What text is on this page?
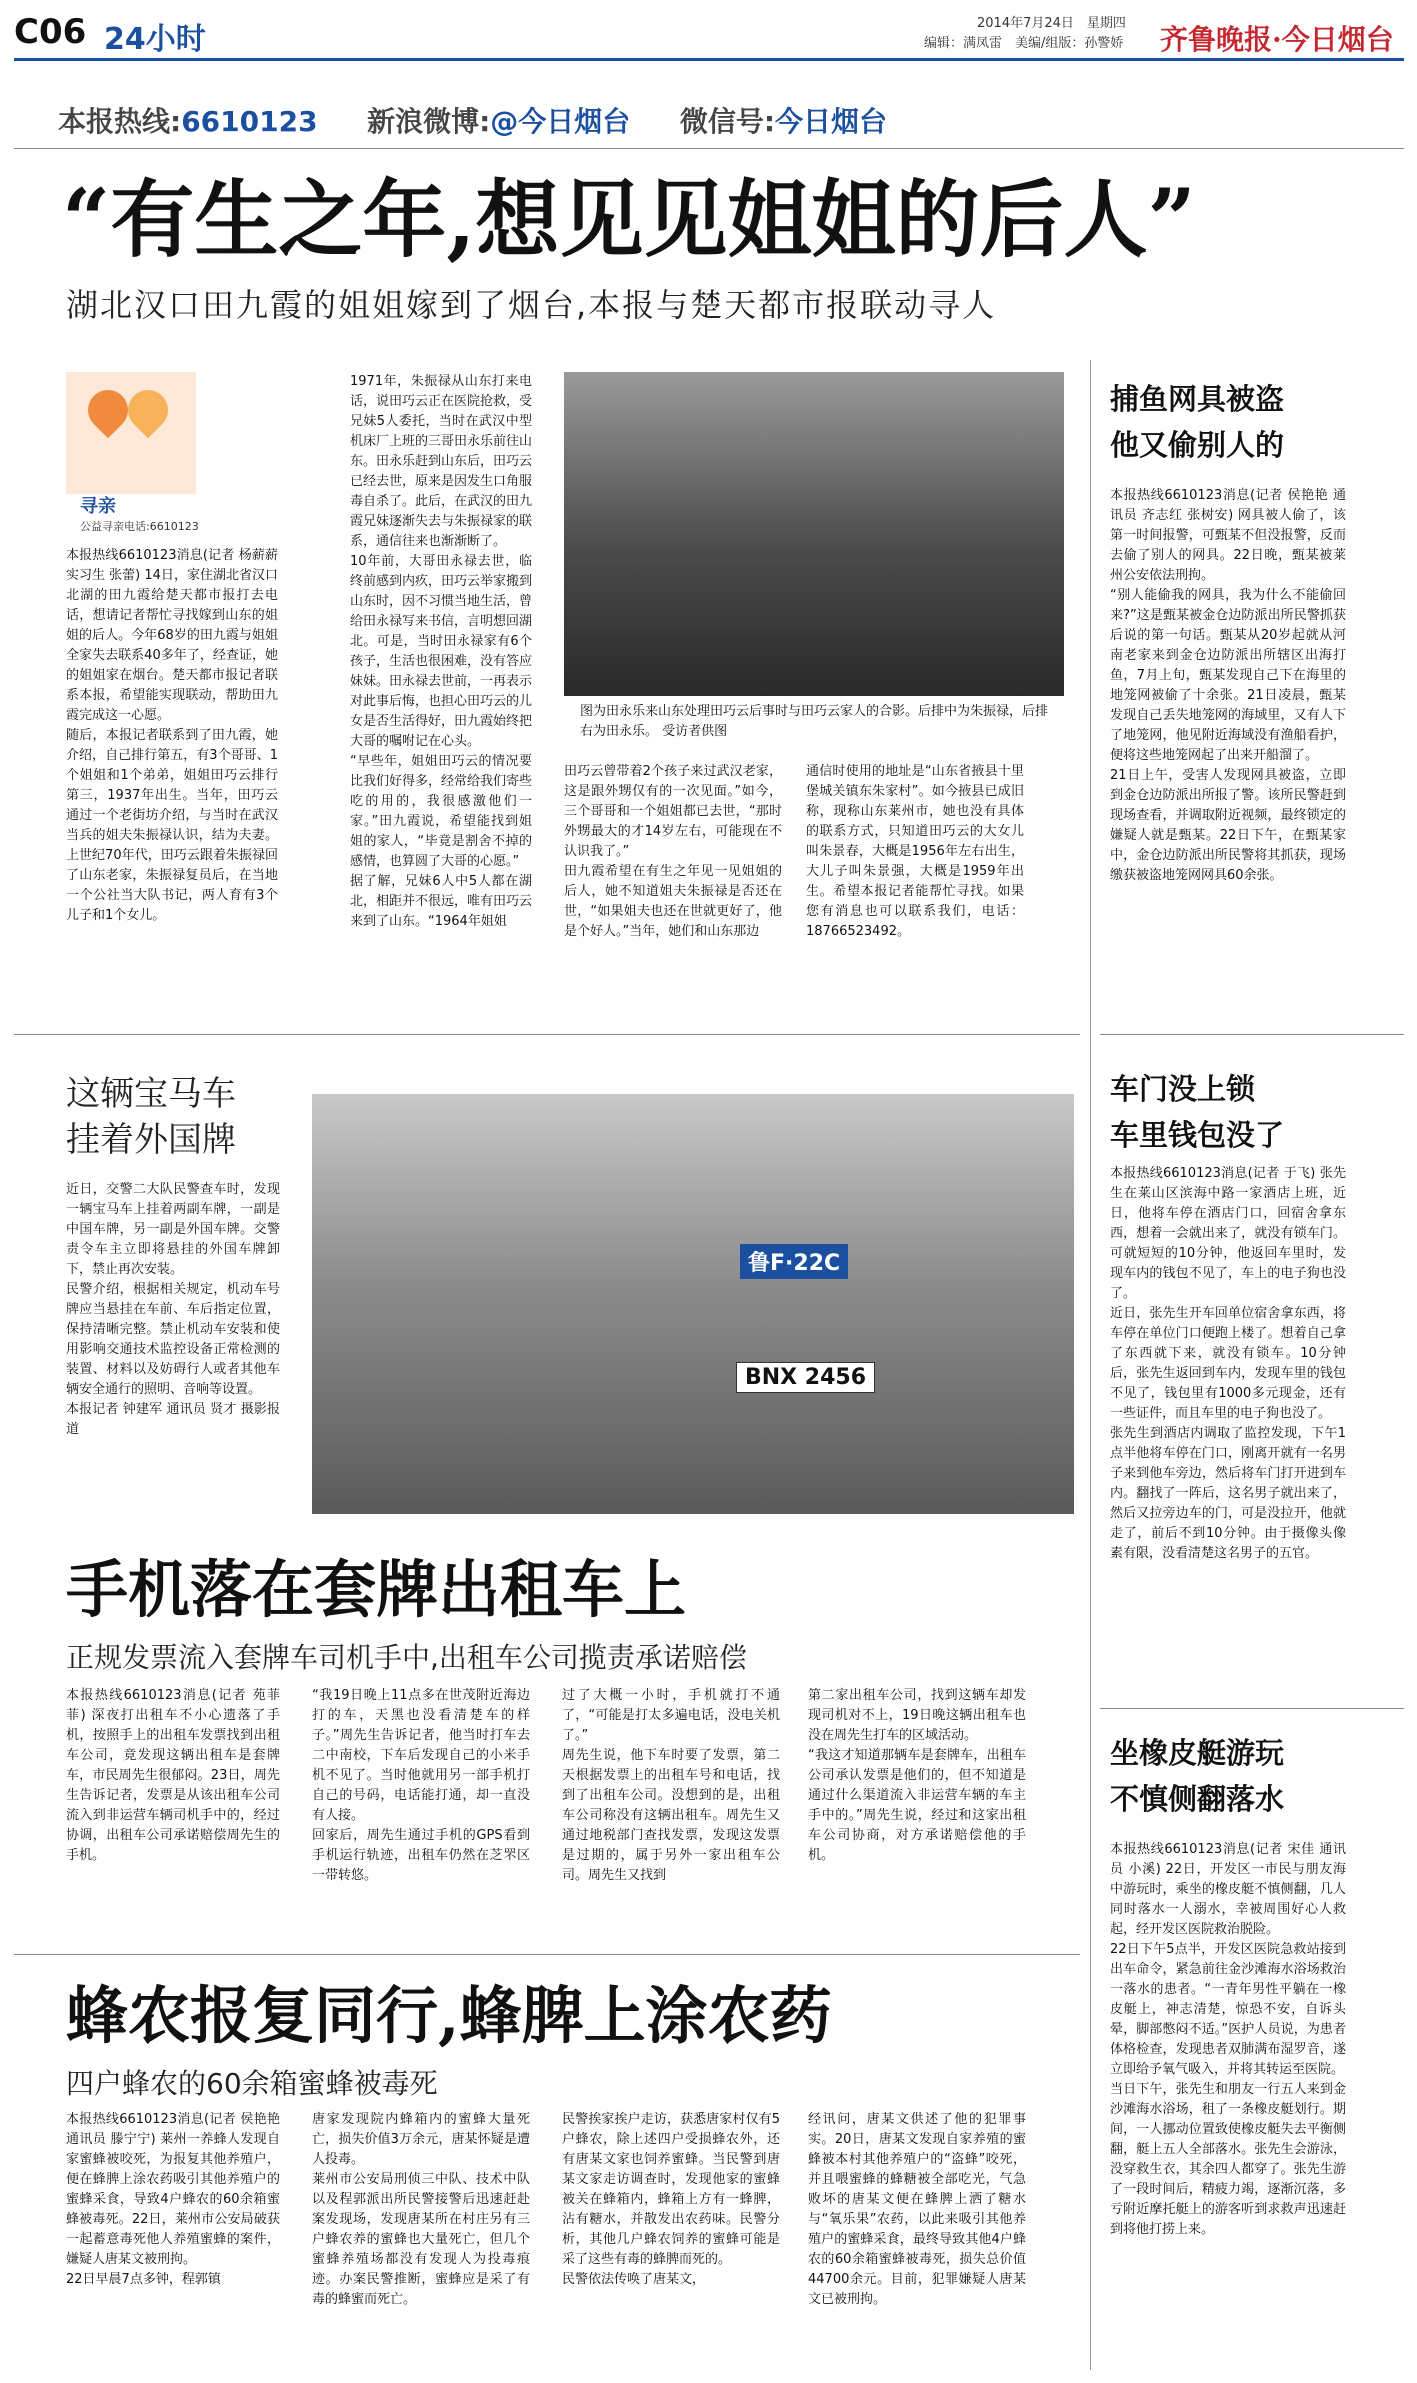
C06 24小时	2014年7月24日　星期四
编辑：满凤雷　美编/组版：孙警娇 齐鲁晚报·今日烟台
本报热线:6610123 新浪微博:@今日烟台 微信号:今日烟台
“有生之年,想见见姐姐的后人”
湖北汉口田九霞的姐姐嫁到了烟台,本报与楚天都市报联动寻人
寻亲
公益寻亲电话:6610123
本报热线6610123消息(记者 杨薪薪 实习生 张蕾) 14日，家住湖北省汉口北湖的田九霞给楚天都市报打去电话，想请记者帮忙寻找嫁到山东的姐姐的后人。今年68岁的田九霞与姐姐全家失去联系40多年了，经查证，她的姐姐家在烟台。楚天都市报记者联系本报，希望能实现联动，帮助田九霞完成这一心愿。
随后，本报记者联系到了田九霞，她介绍，自己排行第五，有3个哥哥、1个姐姐和1个弟弟，姐姐田巧云排行第三，1937年出生。当年，田巧云通过一个老街坊介绍，与当时在武汉当兵的姐夫朱振禄认识，结为夫妻。上世纪70年代，田巧云跟着朱振禄回了山东老家，朱振禄复员后，在当地一个公社当大队书记，两人育有3个儿子和1个女儿。
1971年，朱振禄从山东打来电话，说田巧云正在医院抢救，受兄妹5人委托，当时在武汉中型机床厂上班的三哥田永乐前往山东。田永乐赶到山东后，田巧云已经去世，原来是因发生口角服毒自杀了。此后，在武汉的田九霞兄妹逐渐失去与朱振禄家的联系，通信往来也渐渐断了。
10年前，大哥田永禄去世，临终前感到内疚，田巧云举家搬到山东时，因不习惯当地生活，曾给田永禄写来书信，言明想回湖北。可是，当时田永禄家有6个孩子，生活也很困难，没有答应妹妹。田永禄去世前，一再表示对此事后悔，也担心田巧云的儿女是否生活得好，田九霞始终把大哥的嘱咐记在心头。
“早些年，姐姐田巧云的情况要比我们好得多，经常给我们寄些吃的用的，我很感激他们一家。”田九霞说，希望能找到姐姐的家人，“毕竟是割舍不掉的感情，也算圆了大哥的心愿。”
据了解，兄妹6人中5人都在湖北，相距并不很远，唯有田巧云来到了山东。“1964年姐姐
图为田永乐来山东处理田巧云后事时与田巧云家人的合影。后排中为朱振禄，后排右为田永乐。 受访者供图
田巧云曾带着2个孩子来过武汉老家，这是跟外甥仅有的一次见面。”如今，三个哥哥和一个姐姐都已去世，“那时外甥最大的才14岁左右，可能现在不认识我了。”
田九霞希望在有生之年见一见姐姐的后人，她不知道姐夫朱振禄是否还在世，“如果姐夫也还在世就更好了，他是个好人。”当年，她们和山东那边
通信时使用的地址是“山东省掖县十里堡城关镇东朱家村”。如今掖县已成旧称，现称山东莱州市，她也没有具体的联系方式，只知道田巧云的大女儿叫朱景春，大概是1956年左右出生，大儿子叫朱景强，大概是1959年出生。希望本报记者能帮忙寻找。如果您有消息也可以联系我们，电话：18766523492。
这辆宝马车
挂着外国牌
近日，交警二大队民警查车时，发现一辆宝马车上挂着两副车牌，一副是中国车牌，另一副是外国车牌。交警责令车主立即将悬挂的外国车牌卸下，禁止再次安装。
民警介绍，根据相关规定，机动车号牌应当悬挂在车前、车后指定位置，保持清晰完整。禁止机动车安装和使用影响交通技术监控设备正常检测的装置、材料以及妨碍行人或者其他车辆安全通行的照明、音响等设置。
本报记者 钟建军 通讯员 贤才 摄影报道
鲁F·22C
BNX 2456
手机落在套牌出租车上
正规发票流入套牌车司机手中,出租车公司揽责承诺赔偿
本报热线6610123消息(记者 苑菲菲) 深夜打出租车不小心遗落了手机，按照手上的出租车发票找到出租车公司，竟发现这辆出租车是套牌车，市民周先生很郁闷。23日，周先生告诉记者，发票是从该出租车公司流入到非运营车辆司机手中的，经过协调，出租车公司承诺赔偿周先生的手机。
“我19日晚上11点多在世茂附近海边打的车，天黑也没看清楚车的样子。”周先生告诉记者，他当时打车去二中南校，下车后发现自己的小米手机不见了。当时他就用另一部手机打自己的号码，电话能打通，却一直没有人接。
回家后，周先生通过手机的GPS看到手机运行轨迹，出租车仍然在芝罘区一带转悠。
过了大概一小时，手机就打不通了，“可能是打太多遍电话，没电关机了。”
周先生说，他下车时要了发票，第二天根据发票上的出租车号和电话，找到了出租车公司。没想到的是，出租车公司称没有这辆出租车。周先生又通过地税部门查找发票，发现这发票是过期的，属于另外一家出租车公司。周先生又找到
第二家出租车公司，找到这辆车却发现司机对不上，19日晚这辆出租车也没在周先生打车的区域活动。
“我这才知道那辆车是套牌车，出租车公司承认发票是他们的，但不知道是通过什么渠道流入非运营车辆的车主手中的。”周先生说，经过和这家出租车公司协商，对方承诺赔偿他的手机。
蜂农报复同行,蜂脾上涂农药
四户蜂农的60余箱蜜蜂被毒死
本报热线6610123消息(记者 侯艳艳 通讯员 滕宁宁) 莱州一养蜂人发现自家蜜蜂被咬死，为报复其他养殖户，便在蜂脾上涂农药吸引其他养殖户的蜜蜂采食，导致4户蜂农的60余箱蜜蜂被毒死。22日，莱州市公安局破获一起蓄意毒死他人养殖蜜蜂的案件，嫌疑人唐某文被刑拘。
22日早晨7点多钟，程郭镇
唐家发现院内蜂箱内的蜜蜂大量死亡，损失价值3万余元，唐某怀疑是遭人投毒。
莱州市公安局刑侦三中队、技术中队以及程郭派出所民警接警后迅速赶赴案发现场，发现唐某所在村庄另有三户蜂农养的蜜蜂也大量死亡，但几个蜜蜂养殖场都没有发现人为投毒痕迹。办案民警推断，蜜蜂应是采了有毒的蜂蜜而死亡。
民警挨家挨户走访，获悉唐家村仅有5户蜂农，除上述四户受损蜂农外，还有唐某文家也饲养蜜蜂。当民警到唐某文家走访调查时，发现他家的蜜蜂被关在蜂箱内，蜂箱上方有一蜂脾，沾有糖水，并散发出农药味。民警分析，其他几户蜂农饲养的蜜蜂可能是采了这些有毒的蜂脾而死的。
民警依法传唤了唐某文，
经讯问，唐某文供述了他的犯罪事实。20日，唐某文发现自家养殖的蜜蜂被本村其他养殖户的“盗蜂”咬死，并且喂蜜蜂的蜂糖被全部吃光，气急败坏的唐某文便在蜂脾上洒了糖水与“氧乐果”农药，以此来吸引其他养殖户的蜜蜂采食，最终导致其他4户蜂农的60余箱蜜蜂被毒死，损失总价值44700余元。目前，犯罪嫌疑人唐某文已被刑拘。
捕鱼网具被盗
他又偷别人的
本报热线6610123消息(记者 侯艳艳 通讯员 齐志红 张树安) 网具被人偷了，该第一时间报警，可甄某不但没报警，反而去偷了别人的网具。22日晚，甄某被莱州公安依法刑拘。
“别人能偷我的网具，我为什么不能偷回来?”这是甄某被金仓边防派出所民警抓获后说的第一句话。甄某从20岁起就从河南老家来到金仓边防派出所辖区出海打鱼，7月上旬，甄某发现自己下在海里的地笼网被偷了十余张。21日凌晨，甄某发现自己丢失地笼网的海域里，又有人下了地笼网，他见附近海域没有渔船看护，便将这些地笼网起了出来开船溜了。
21日上午，受害人发现网具被盗，立即到金仓边防派出所报了警。该所民警赶到现场查看，并调取附近视频，最终锁定的嫌疑人就是甄某。22日下午，在甄某家中，金仓边防派出所民警将其抓获，现场缴获被盗地笼网网具60余张。
车门没上锁
车里钱包没了
本报热线6610123消息(记者 于飞) 张先生在莱山区滨海中路一家酒店上班，近日，他将车停在酒店门口，回宿舍拿东西，想着一会就出来了，就没有锁车门。可就短短的10分钟，他返回车里时，发现车内的钱包不见了，车上的电子狗也没了。
近日，张先生开车回单位宿舍拿东西，将车停在单位门口便跑上楼了。想着自己拿了东西就下来，就没有锁车。10分钟后，张先生返回到车内，发现车里的钱包不见了，钱包里有1000多元现金，还有一些证件，而且车里的电子狗也没了。
张先生到酒店内调取了监控发现，下午1点半他将车停在门口，刚离开就有一名男子来到他车旁边，然后将车门打开进到车内。翻找了一阵后，这名男子就出来了，然后又拉旁边车的门，可是没拉开，他就走了，前后不到10分钟。由于摄像头像素有限，没看清楚这名男子的五官。
坐橡皮艇游玩
不慎侧翻落水
本报热线6610123消息(记者 宋佳 通讯员 小溪) 22日，开发区一市民与朋友海中游玩时，乘坐的橡皮艇不慎侧翻，几人同时落水一人溺水，幸被周围好心人救起，经开发区医院救治脱险。
22日下午5点半，开发区医院急救站接到出车命令，紧急前往金沙滩海水浴场救治一落水的患者。“一青年男性平躺在一橡皮艇上，神志清楚，惊恐不安，自诉头晕，脚部憋闷不适。”医护人员说，为患者体格检查，发现患者双肺满布湿罗音，遂立即给予氧气吸入，并将其转运至医院。
当日下午，张先生和朋友一行五人来到金沙滩海水浴场，租了一条橡皮艇划行。期间，一人挪动位置致使橡皮艇失去平衡侧翻，艇上五人全部落水。张先生会游泳，没穿救生衣，其余四人都穿了。张先生游了一段时间后，精疲力竭，逐渐沉落，多亏附近摩托艇上的游客听到求救声迅速赶到将他打捞上来。
